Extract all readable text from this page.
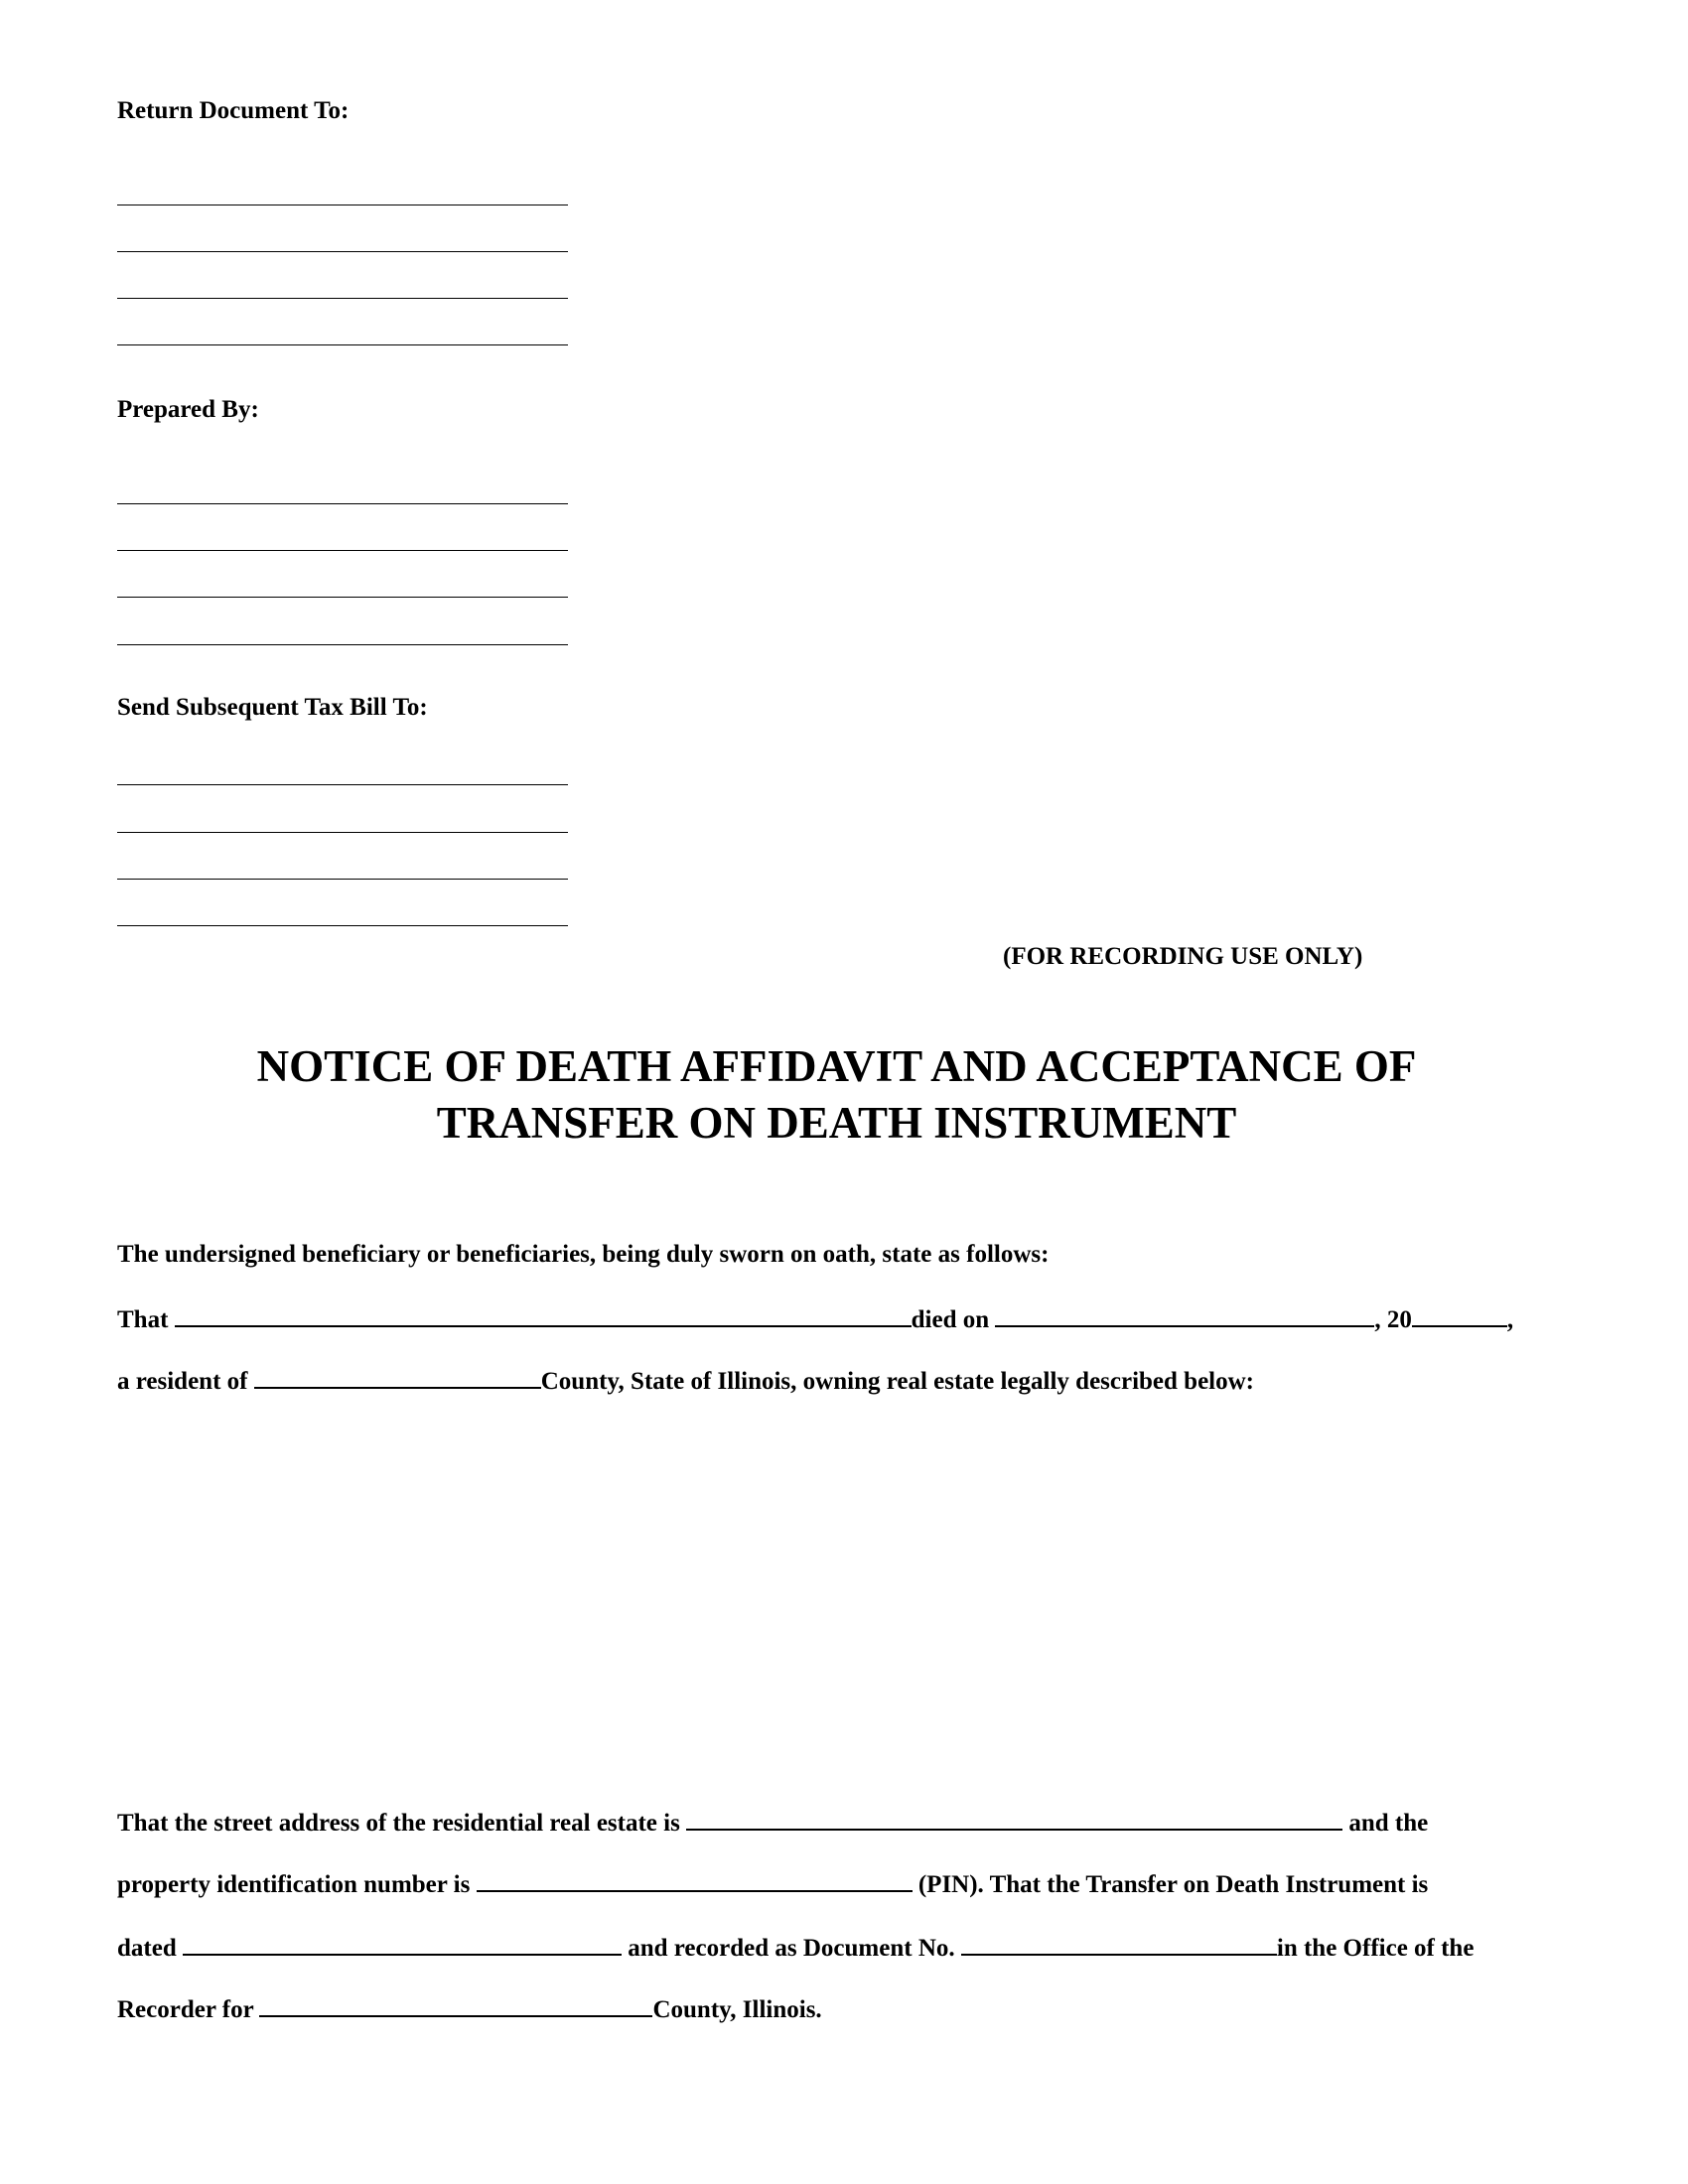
Return Document To:
Prepared By:
Send Subsequent Tax Bill To:
(FOR RECORDING USE ONLY)
NOTICE OF DEATH AFFIDAVIT AND ACCEPTANCE OF
TRANSFER ON DEATH INSTRUMENT
The undersigned beneficiary or beneficiaries, being duly sworn on oath, state as follows:
That	died on	, 20	,
a resident of	County, State of Illinois, owning real estate legally described below:
That the street address of the residential real estate is	and the
property identification number is	(PIN). That the Transfer on Death Instrument is
dated	and recorded as Document No.	in the Office of the
Recorder for	County, Illinois.
